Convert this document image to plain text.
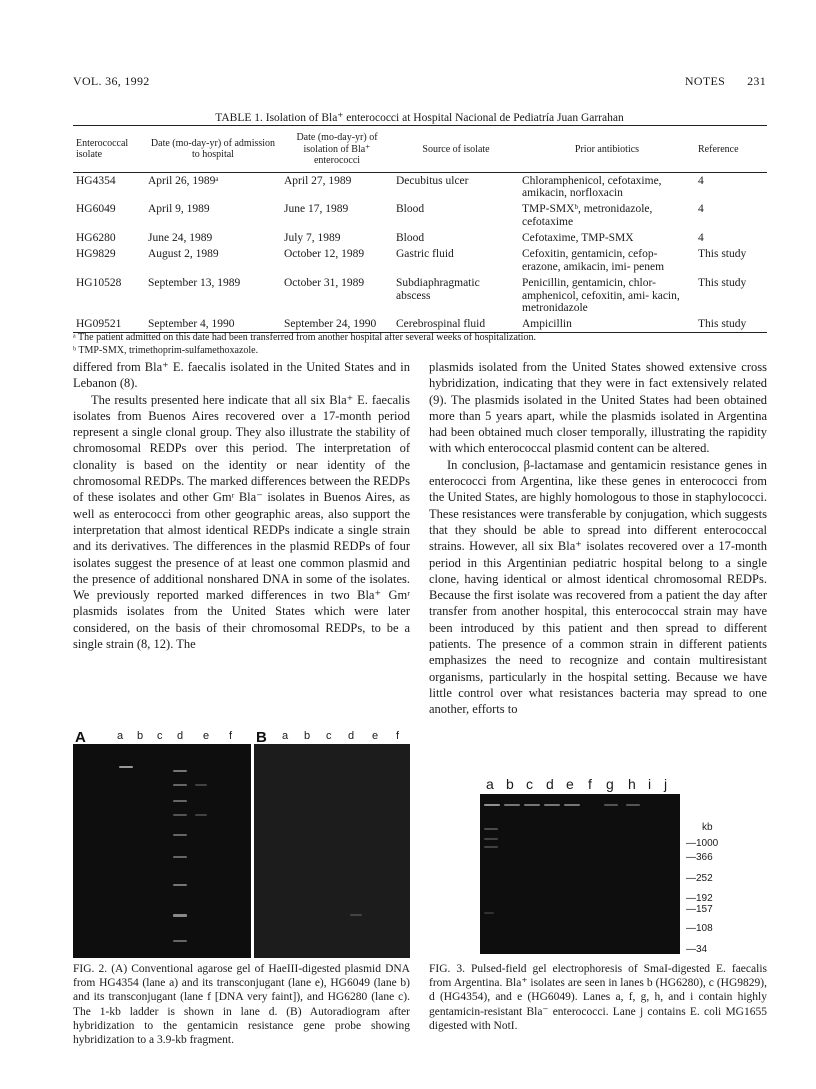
VOL. 36, 1992	NOTES 231
TABLE 1. Isolation of Bla⁺ enterococci at Hospital Nacional de Pediatría Juan Garrahan
Enterococcal isolate	Date (mo-day-yr) of admission to hospital	Date (mo-day-yr) of isolation of Bla⁺ enterococci	Source of isolate	Prior antibiotics	Reference
HG4354	April 26, 1989ᵃ	April 27, 1989	Decubitus ulcer	Chloramphenicol, cefotaxime, amikacin, norfloxacin	4
HG6049	April 9, 1989	June 17, 1989	Blood	TMP-SMXᵇ, metronidazole, cefotaxime	4
HG6280	June 24, 1989	July 7, 1989	Blood	Cefotaxime, TMP-SMX	4
HG9829	August 2, 1989	October 12, 1989	Gastric fluid	Cefoxitin, gentamicin, cefop- erazone, amikacin, imi- penem	This study
HG10528	September 13, 1989	October 31, 1989	Subdiaphragmatic abscess	Penicillin, gentamicin, chlor- amphenicol, cefoxitin, ami- kacin, metronidazole	This study
HG09521	September 4, 1990	September 24, 1990	Cerebrospinal fluid	Ampicillin	This study
ᵃ The patient admitted on this date had been transferred from another hospital after several weeks of hospitalization.
ᵇ TMP-SMX, trimethoprim-sulfamethoxazole.

differed from Bla⁺ E. faecalis isolated in the United States and in Lebanon (8).

The results presented here indicate that all six Bla⁺ E. faecalis isolates from Buenos Aires recovered over a 17-month period represent a single clonal group. They also illustrate the stability of chromosomal REDPs over this period. The interpretation of clonality is based on the identity or near identity of the chromosomal REDPs. The marked differences between the REDPs of these isolates and other Gmʳ Bla⁻ isolates in Buenos Aires, as well as enterococci from other geographic areas, also support the interpretation that almost identical REDPs indicate a single strain and its derivatives. The differences in the plasmid REDPs of four isolates suggest the presence of at least one common plasmid and the presence of additional nonshared DNA in some of the isolates. We previously reported marked differences in two Bla⁺ Gmʳ plasmids isolates from the United States which were later considered, on the basis of their chromosomal REDPs, to be a single strain (8, 12). The

plasmids isolated from the United States showed extensive cross hybridization, indicating that they were in fact extensively related (9). The plasmids isolated in the United States had been obtained more than 5 years apart, while the plasmids isolated in Argentina had been obtained much closer temporally, illustrating the rapidity with which enterococcal plasmid content can be altered.

In conclusion, β-lactamase and gentamicin resistance genes in enterococci from Argentina, like these genes in enterococci from the United States, are highly homologous to those in staphylococci. These resistances were transferable by conjugation, which suggests that they should be able to spread into different enterococcal strains. However, all six Bla⁺ isolates recovered over a 17-month period in this Argentinian pediatric hospital belong to a single clone, having identical or almost identical chromosomal REDPs. Because the first isolate was recovered from a patient the day after transfer from another hospital, this enterococcal strain may have been introduced by this patient and then spread to different patients. The presence of a common strain in different patients emphasizes the need to recognize and contain multiresistant organisms, particularly in the hospital setting. Because we have little control over what resistances bacteria may spread to one another, efforts to

A	a b c d e f B a b c d e f
FIG. 2. (A) Conventional agarose gel of HaeIII-digested plasmid DNA from HG4354 (lane a) and its transconjugant (lane e), HG6049 (lane b) and its transconjugant (lane f [DNA very faint]), and HG6280 (lane c). The 1-kb ladder is shown in lane d. (B) Autoradiogram after hybridization to the gentamicin resistance gene probe showing hybridization to a 3.9-kb fragment.
a b c d e f g h i j
kb
—1000
—366
—252
—192
—157
—108
—34
FIG. 3. Pulsed-field gel electrophoresis of SmaI-digested E. faecalis from Argentina. Bla⁺ isolates are seen in lanes b (HG6280), c (HG9829), d (HG4354), and e (HG6049). Lanes a, f, g, h, and i contain highly gentamicin-resistant Bla⁻ enterococci. Lane j contains E. coli MG1655 digested with NotI.
